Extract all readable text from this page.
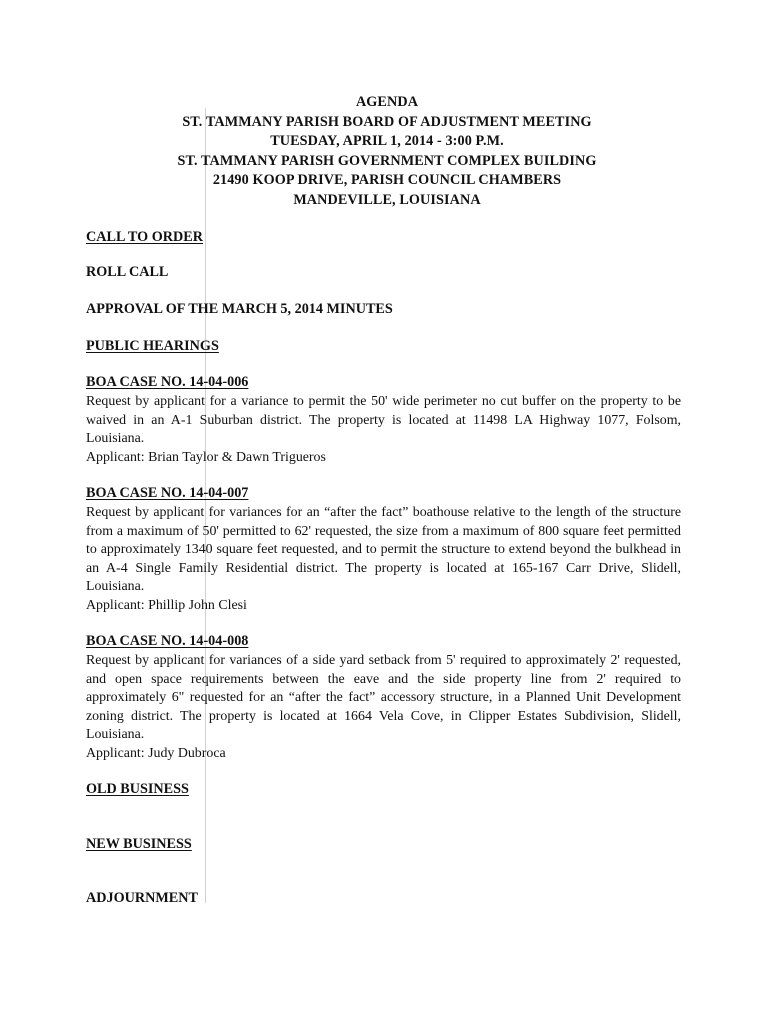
AGENDA
ST. TAMMANY PARISH BOARD OF ADJUSTMENT MEETING
TUESDAY, APRIL 1, 2014 - 3:00 P.M.
ST. TAMMANY PARISH GOVERNMENT COMPLEX BUILDING
21490 KOOP DRIVE, PARISH COUNCIL CHAMBERS
MANDEVILLE, LOUISIANA
CALL TO ORDER
ROLL CALL
APPROVAL OF THE MARCH 5, 2014 MINUTES
PUBLIC HEARINGS
BOA CASE NO. 14-04-006
Request by applicant for a variance to permit the 50' wide perimeter no cut buffer on the property to be waived in an A-1 Suburban district. The property is located at 11498 LA Highway 1077, Folsom, Louisiana.
Applicant: Brian Taylor & Dawn Trigueros
BOA CASE NO. 14-04-007
Request by applicant for variances for an “after the fact” boathouse relative to the length of the structure from a maximum of 50' permitted to 62' requested, the size from a maximum of 800 square feet permitted to approximately 1340 square feet requested, and to permit the structure to extend beyond the bulkhead in an A-4 Single Family Residential district. The property is located at 165-167 Carr Drive, Slidell, Louisiana.
Applicant: Phillip John Clesi
BOA CASE NO. 14-04-008
Request by applicant for variances of a side yard setback from 5' required to approximately 2' requested, and open space requirements between the eave and the side property line from 2' required to approximately 6" requested for an “after the fact” accessory structure, in a Planned Unit Development zoning district. The property is located at 1664 Vela Cove, in Clipper Estates Subdivision, Slidell, Louisiana.
Applicant: Judy Dubroca
OLD BUSINESS
NEW BUSINESS
ADJOURNMENT
